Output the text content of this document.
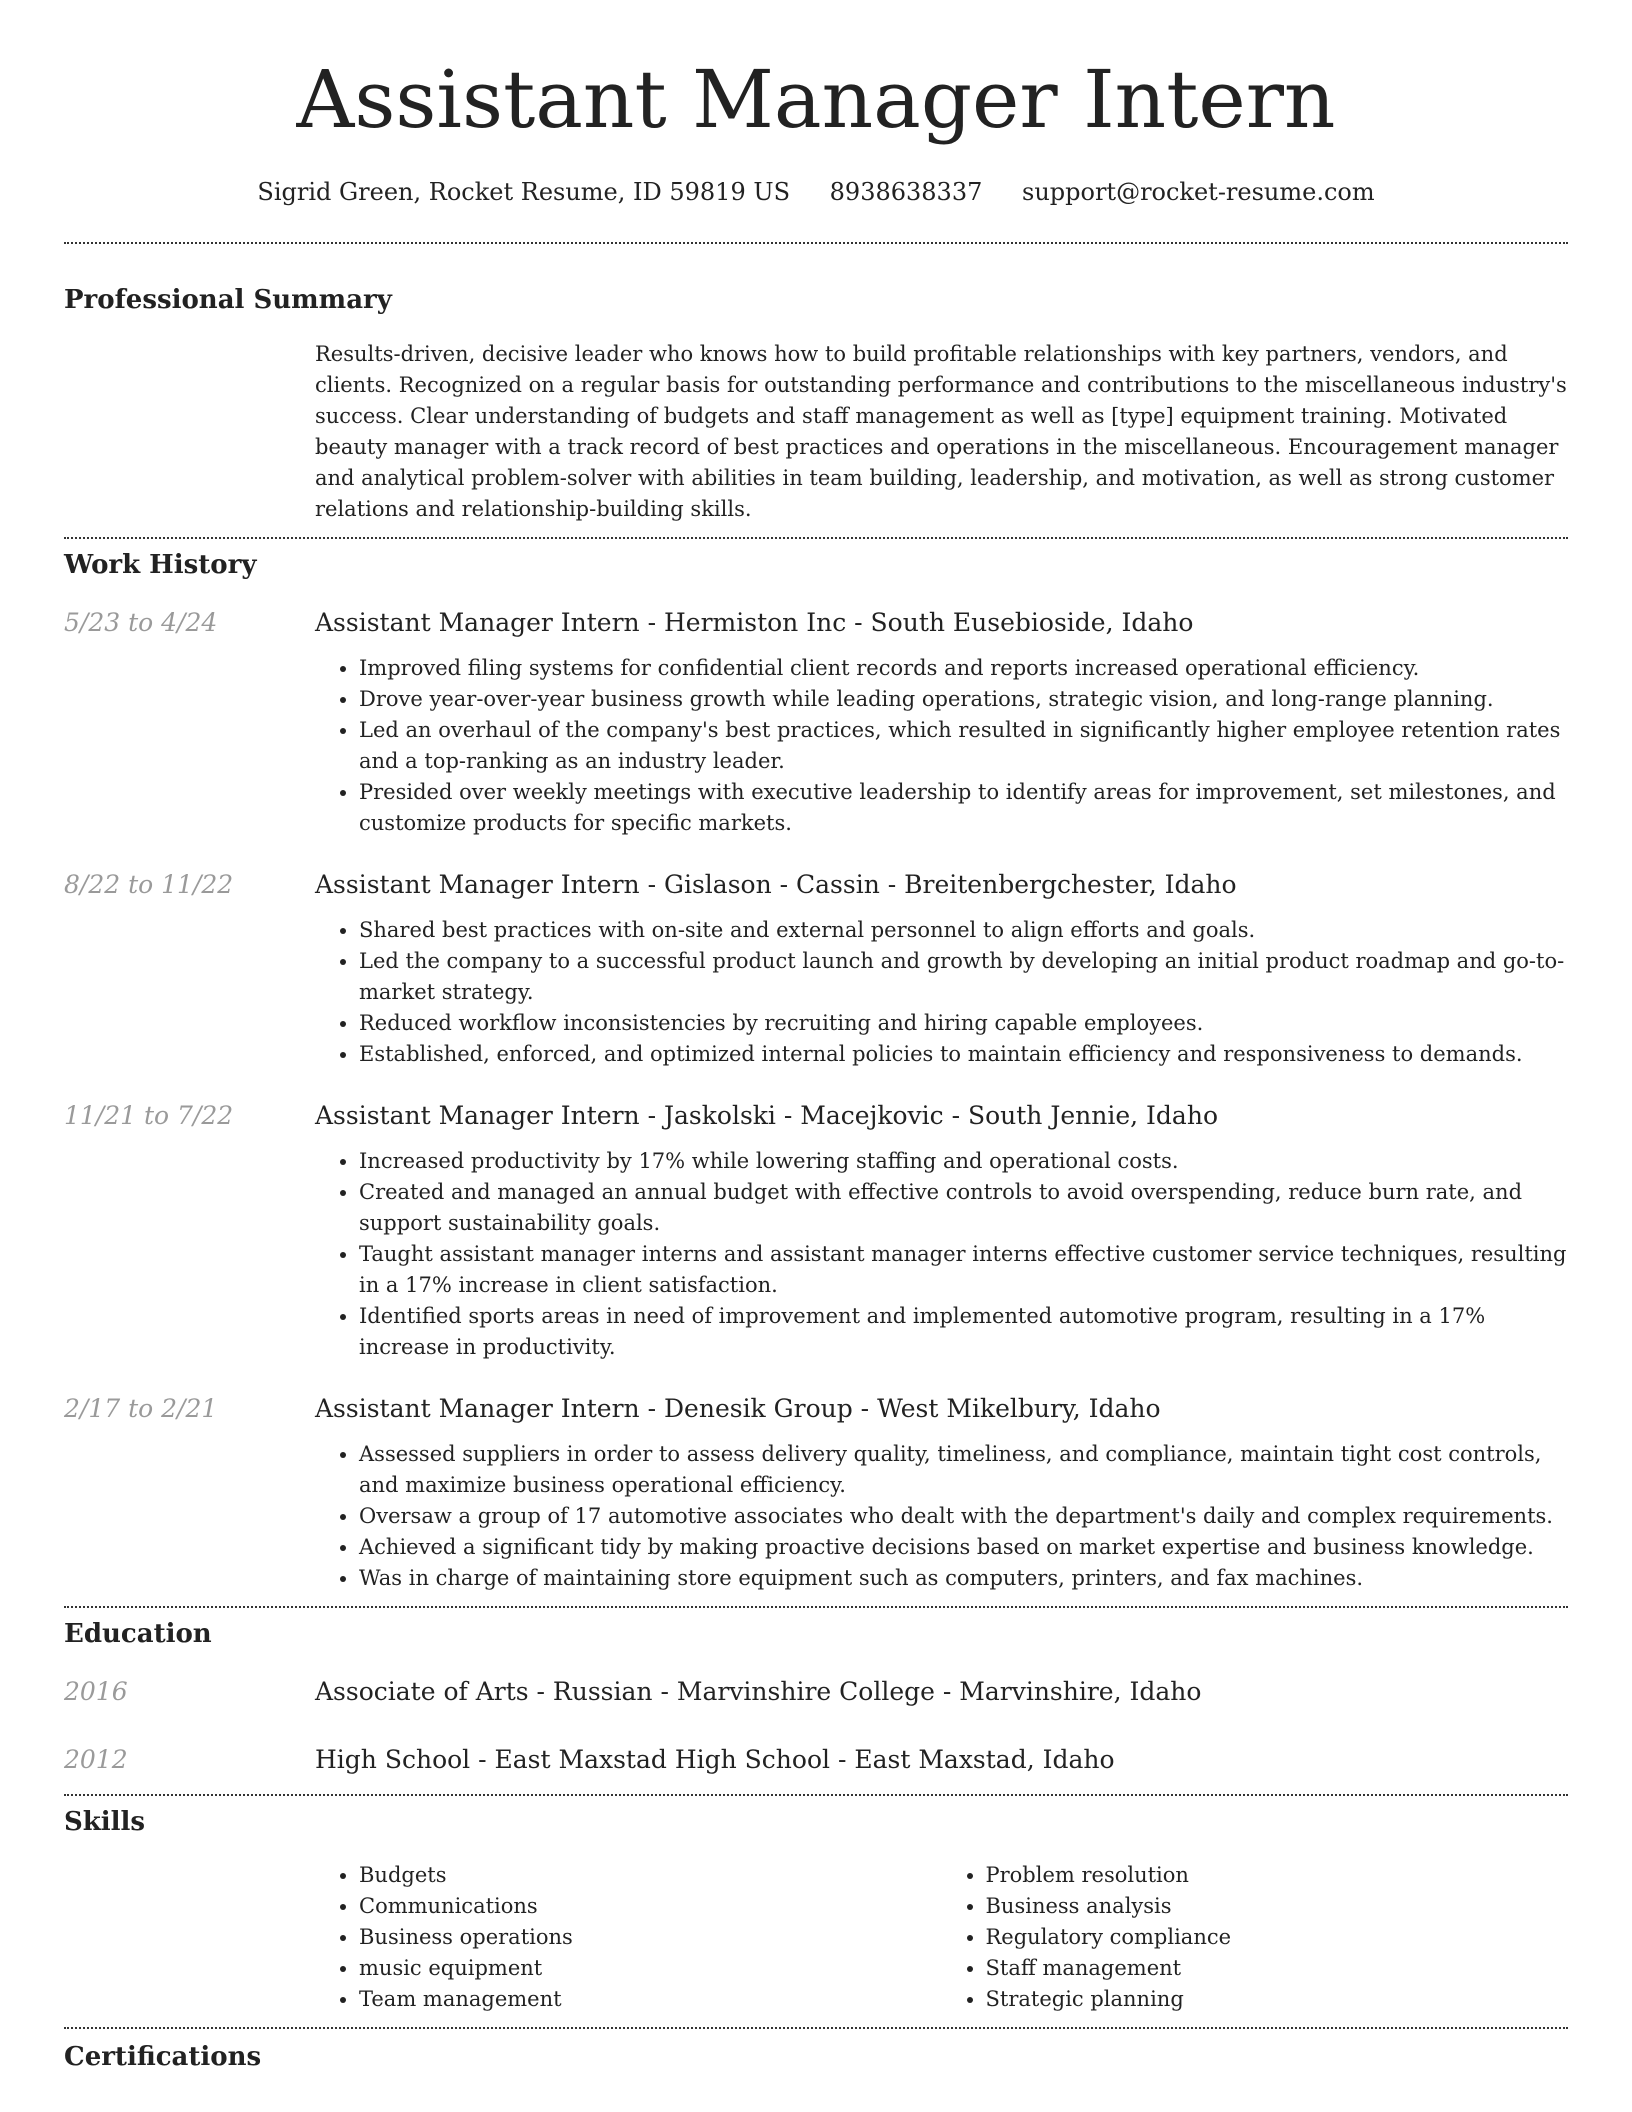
Assistant Manager Intern
Sigrid Green, Rocket Resume, ID 59819 US 8938638337 support@rocket-resume.com
Professional Summary

Results-driven, decisive leader who knows how to build profitable relationships with key partners, vendors, and clients. Recognized on a regular basis for outstanding performance and contributions to the miscellaneous industry's success. Clear understanding of budgets and staff management as well as [type] equipment training. Motivated beauty manager with a track record of best practices and operations in the miscellaneous. Encouragement manager and analytical problem-solver with abilities in team building, leadership, and motivation, as well as strong customer relations and relationship-building skills.

Work History
5/23 to 4/24	Assistant Manager Intern - Hermiston Inc - South Eusebioside, Idaho
• Improved filing systems for confidential client records and reports increased operational efficiency.
• Drove year-over-year business growth while leading operations, strategic vision, and long-range planning.
• Led an overhaul of the company's best practices, which resulted in significantly higher employee retention rates and a top-ranking as an industry leader.
• Presided over weekly meetings with executive leadership to identify areas for improvement, set milestones, and customize products for specific markets.
8/22 to 11/22	Assistant Manager Intern - Gislason - Cassin - Breitenbergchester, Idaho
• Shared best practices with on-site and external personnel to align efforts and goals.
• Led the company to a successful product launch and growth by developing an initial product roadmap and go-to-market strategy.
• Reduced workflow inconsistencies by recruiting and hiring capable employees.
• Established, enforced, and optimized internal policies to maintain efficiency and responsiveness to demands.
11/21 to 7/22	Assistant Manager Intern - Jaskolski - Macejkovic - South Jennie, Idaho
• Increased productivity by 17% while lowering staffing and operational costs.
• Created and managed an annual budget with effective controls to avoid overspending, reduce burn rate, and support sustainability goals.
• Taught assistant manager interns and assistant manager interns effective customer service techniques, resulting in a 17% increase in client satisfaction.
• Identified sports areas in need of improvement and implemented automotive program, resulting in a 17% increase in productivity.
2/17 to 2/21	Assistant Manager Intern - Denesik Group - West Mikelbury, Idaho
• Assessed suppliers in order to assess delivery quality, timeliness, and compliance, maintain tight cost controls, and maximize business operational efficiency.
• Oversaw a group of 17 automotive associates who dealt with the department's daily and complex requirements.
• Achieved a significant tidy by making proactive decisions based on market expertise and business knowledge.
• Was in charge of maintaining store equipment such as computers, printers, and fax machines.
Education
2016	Associate of Arts - Russian - Marvinshire College - Marvinshire, Idaho
2012	High School - East Maxstad High School - East Maxstad, Idaho
Skills
• Budgets
• Communications
• Business operations
• music equipment
• Team management
• Problem resolution
• Business analysis
• Regulatory compliance
• Staff management
• Strategic planning
Certifications
